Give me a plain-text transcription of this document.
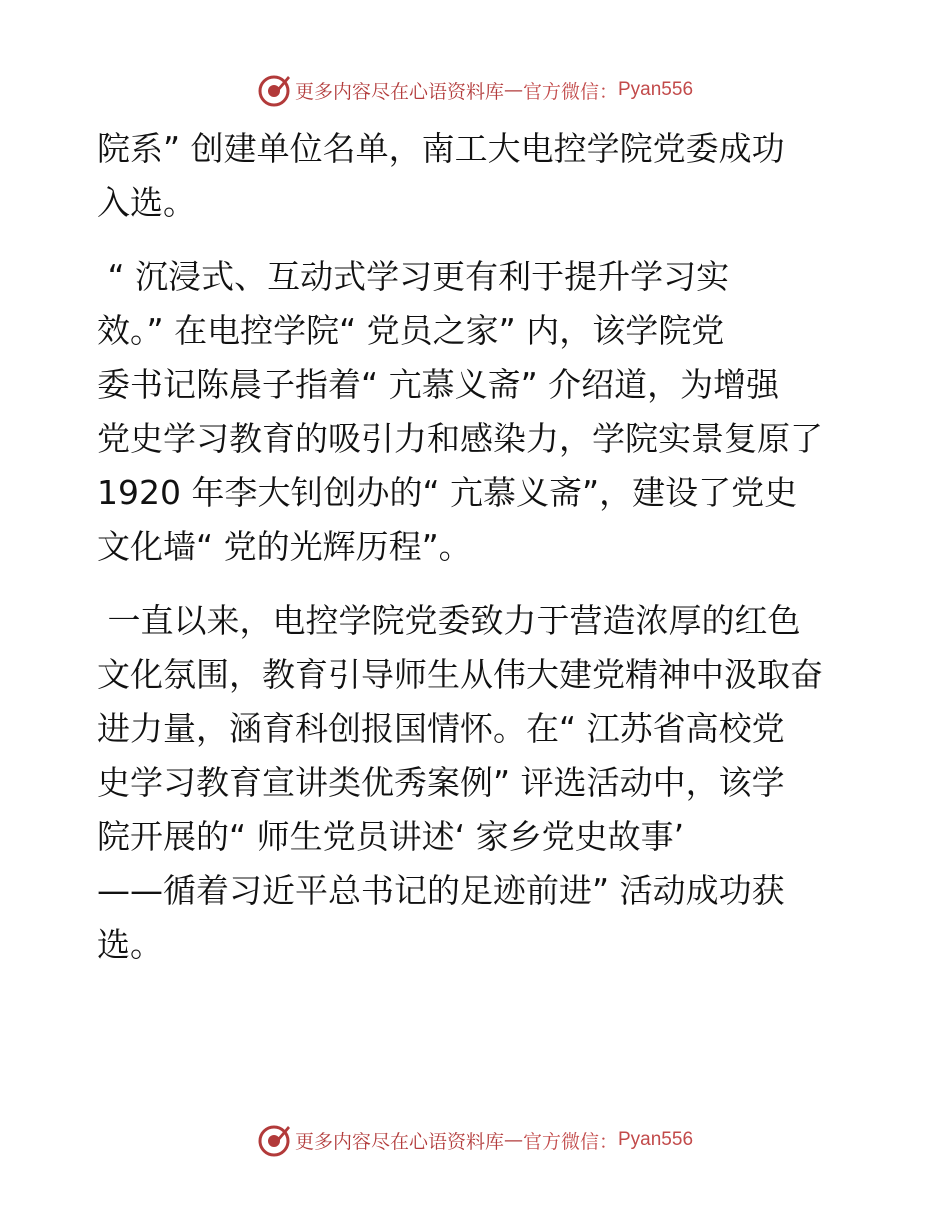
更多内容尽在心语资料库 — 官方微信： Pyan556
院系” 创建单位名单，南工大电控学院党委成功
入选。
“ 沉浸式、互动式学习更有利于提升学习实
效。” 在电控学院“ 党员之家” 内，该学院党
委书记陈晨子指着“ 亢慕义斋” 介绍道，为增强
党史学习教育的吸引力和感染力，学院实景复原了
1920 年李大钊创办的“ 亢慕义斋”，建设了党史
文化墙“ 党的光辉历程”。
一直以来，电控学院党委致力于营造浓厚的红色
文化氛围，教育引导师生从伟大建党精神中汲取奋
进力量，涵育科创报国情怀。在“ 江苏省高校党
史学习教育宣讲类优秀案例” 评选活动中，该学
院开展的“ 师生党员讲述‘ 家乡党史故事’
——循着习近平总书记的足迹前进” 活动成功获
选。
更多内容尽在心语资料库 — 官方微信： Pyan556
